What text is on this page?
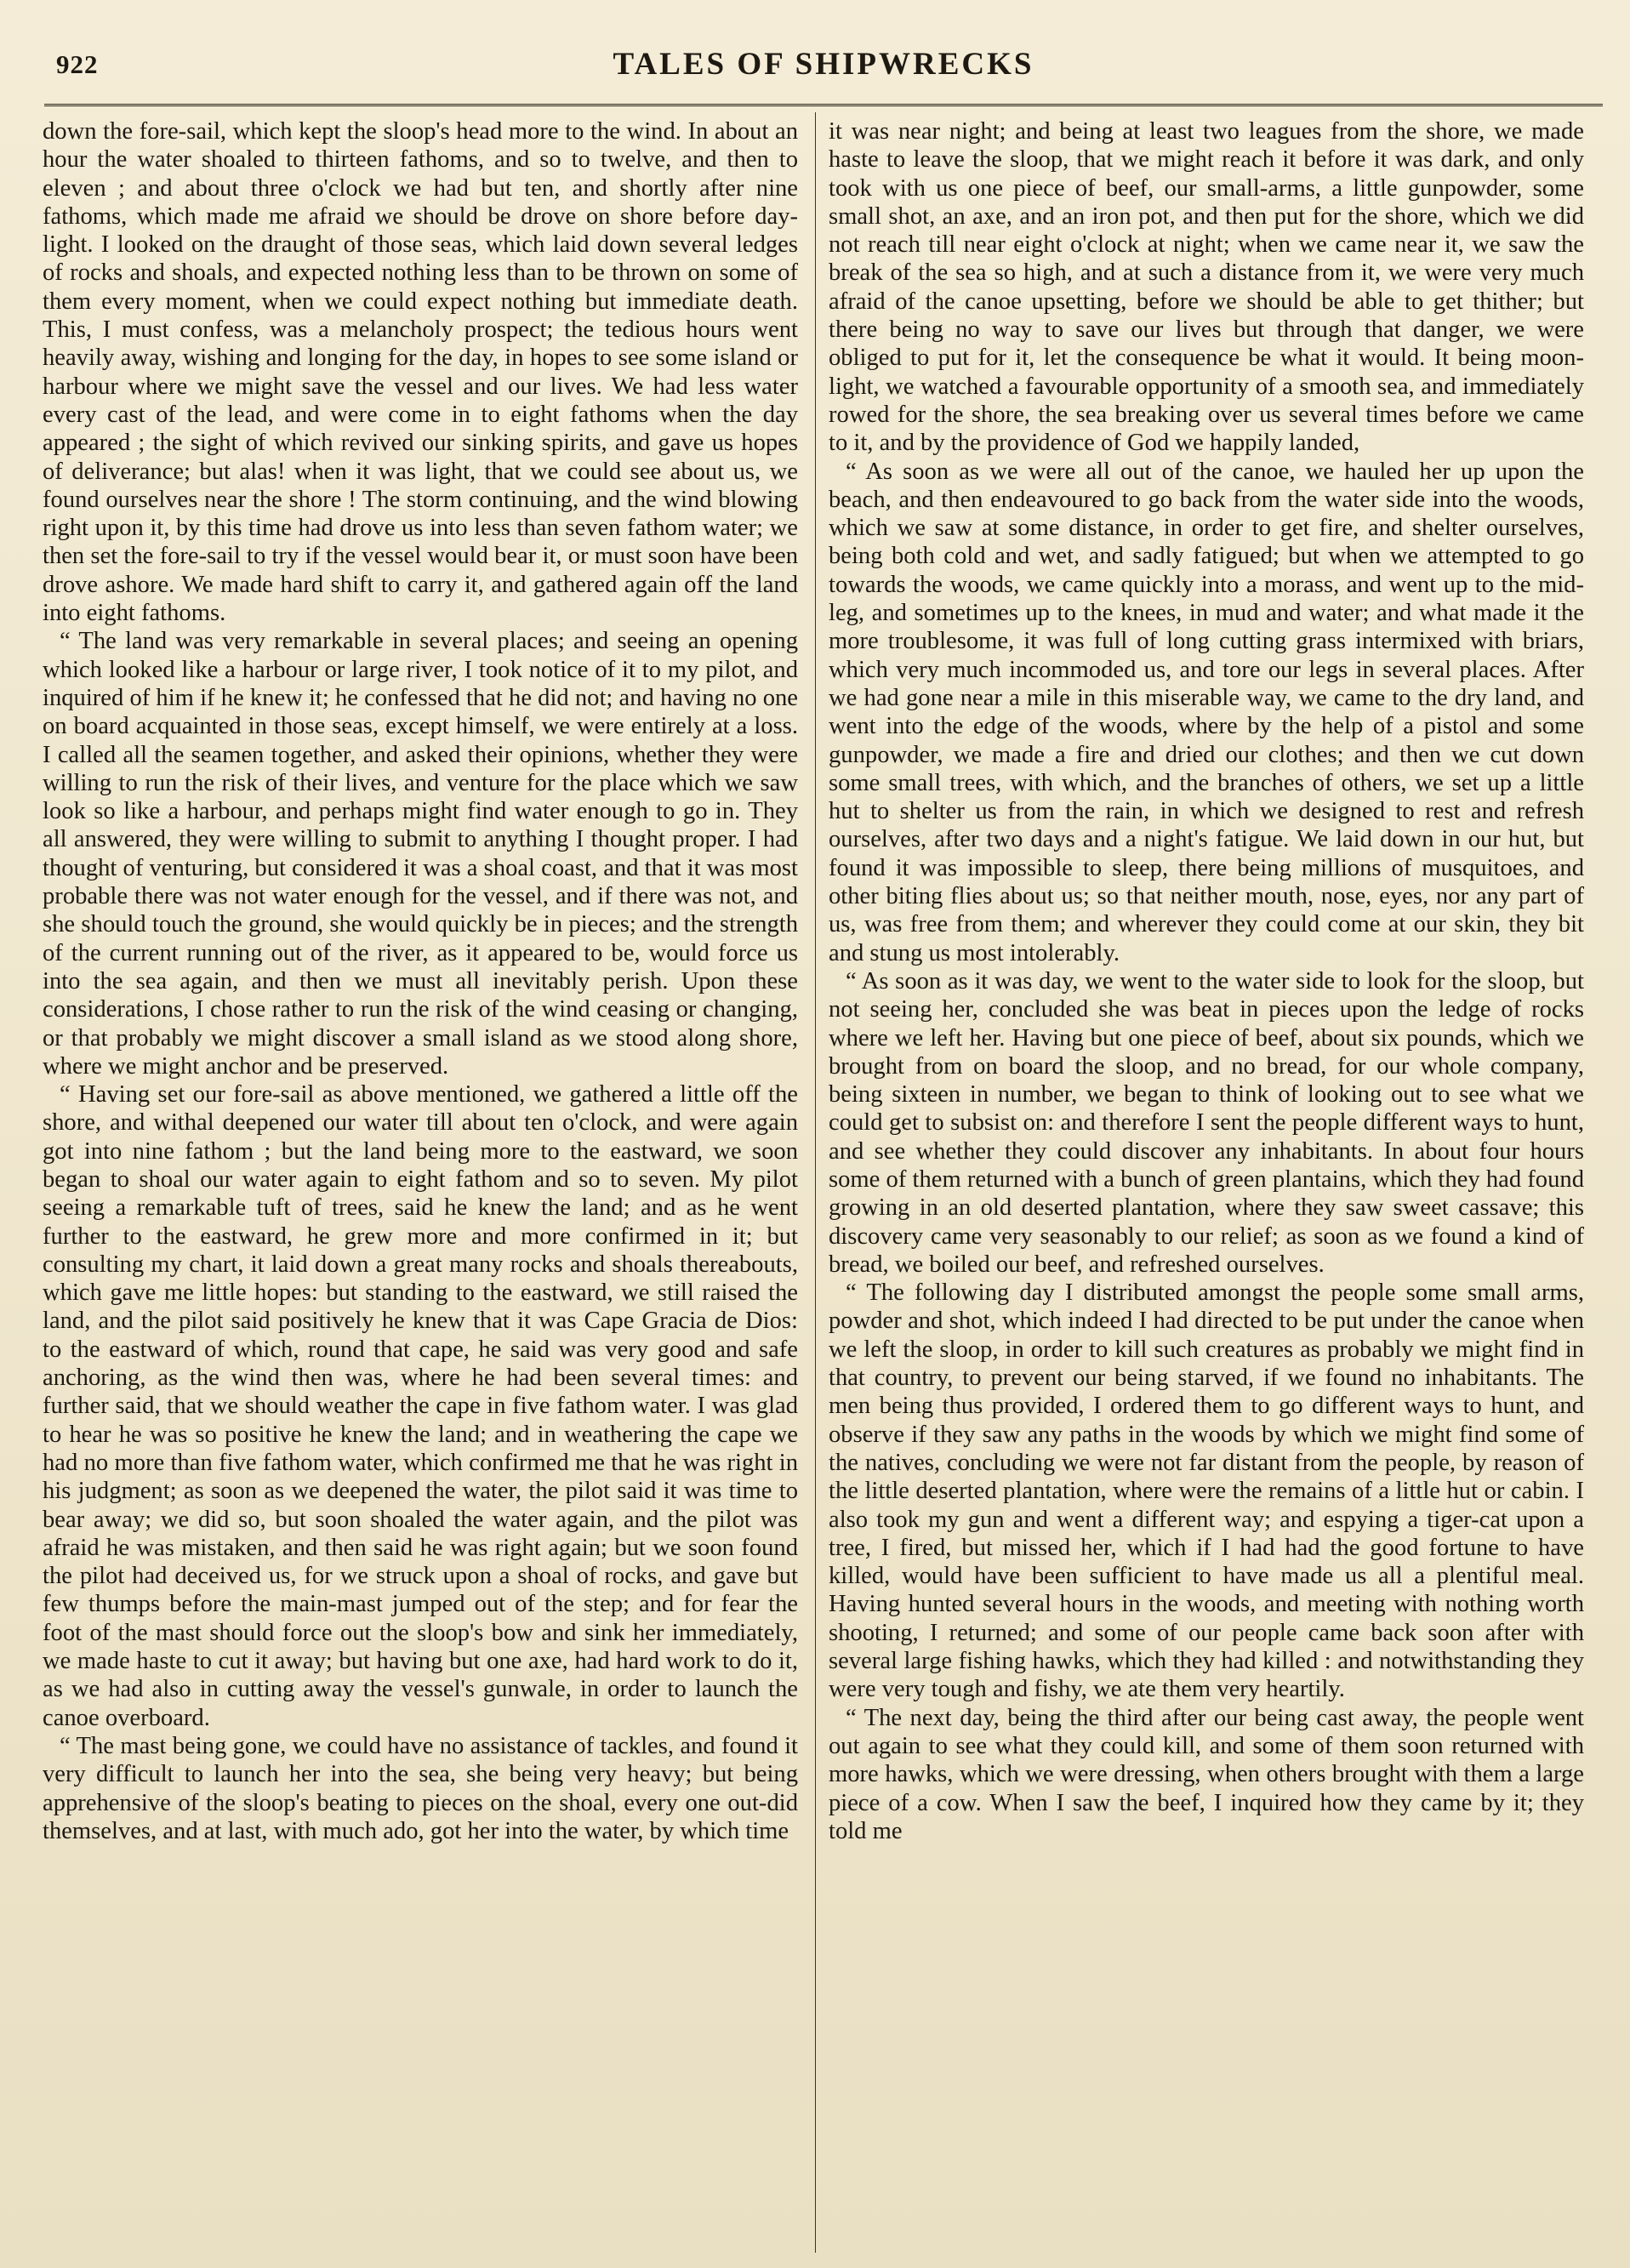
922	TALES OF SHIPWRECKS

down the fore-sail, which kept the sloop's head more to the wind. In about an hour the water shoaled to thirteen fathoms, and so to twelve, and then to eleven ; and about three o'clock we had but ten, and shortly after nine fathoms, which made me afraid we should be drove on shore before day-light. I looked on the draught of those seas, which laid down several ledges of rocks and shoals, and expected nothing less than to be thrown on some of them every moment, when we could expect nothing but immediate death. This, I must confess, was a melancholy prospect; the tedious hours went heavily away, wishing and longing for the day, in hopes to see some island or harbour where we might save the vessel and our lives. We had less water every cast of the lead, and were come in to eight fathoms when the day appeared ; the sight of which revived our sinking spirits, and gave us hopes of deliverance; but alas! when it was light, that we could see about us, we found ourselves near the shore ! The storm continuing, and the wind blowing right upon it, by this time had drove us into less than seven fathom water; we then set the fore-sail to try if the vessel would bear it, or must soon have been drove ashore. We made hard shift to carry it, and gathered again off the land into eight fathoms.

“ The land was very remarkable in several places; and seeing an opening which looked like a harbour or large river, I took notice of it to my pilot, and inquired of him if he knew it; he confessed that he did not; and having no one on board acquainted in those seas, except himself, we were entirely at a loss. I called all the seamen together, and asked their opinions, whether they were willing to run the risk of their lives, and venture for the place which we saw look so like a harbour, and perhaps might find water enough to go in. They all answered, they were willing to submit to anything I thought proper. I had thought of venturing, but considered it was a shoal coast, and that it was most probable there was not water enough for the vessel, and if there was not, and she should touch the ground, she would quickly be in pieces; and the strength of the current running out of the river, as it appeared to be, would force us into the sea again, and then we must all inevitably perish. Upon these considerations, I chose rather to run the risk of the wind ceasing or changing, or that probably we might discover a small island as we stood along shore, where we might anchor and be preserved.

“ Having set our fore-sail as above mentioned, we gathered a little off the shore, and withal deepened our water till about ten o'clock, and were again got into nine fathom ; but the land being more to the eastward, we soon began to shoal our water again to eight fathom and so to seven. My pilot seeing a remarkable tuft of trees, said he knew the land; and as he went further to the eastward, he grew more and more confirmed in it; but consulting my chart, it laid down a great many rocks and shoals thereabouts, which gave me little hopes: but standing to the eastward, we still raised the land, and the pilot said positively he knew that it was Cape Gracia de Dios: to the eastward of which, round that cape, he said was very good and safe anchoring, as the wind then was, where he had been several times: and further said, that we should weather the cape in five fathom water. I was glad to hear he was so positive he knew the land; and in weathering the cape we had no more than five fathom water, which confirmed me that he was right in his judgment; as soon as we deepened the water, the pilot said it was time to bear away; we did so, but soon shoaled the water again, and the pilot was afraid he was mistaken, and then said he was right again; but we soon found the pilot had deceived us, for we struck upon a shoal of rocks, and gave but few thumps before the main-mast jumped out of the step; and for fear the foot of the mast should force out the sloop's bow and sink her immediately, we made haste to cut it away; but having but one axe, had hard work to do it, as we had also in cutting away the vessel's gunwale, in order to launch the canoe overboard.

“ The mast being gone, we could have no assistance of tackles, and found it very difficult to launch her into the sea, she being very heavy; but being apprehensive of the sloop's beating to pieces on the shoal, every one out-did themselves, and at last, with much ado, got her into the water, by which time

it was near night; and being at least two leagues from the shore, we made haste to leave the sloop, that we might reach it before it was dark, and only took with us one piece of beef, our small-arms, a little gunpowder, some small shot, an axe, and an iron pot, and then put for the shore, which we did not reach till near eight o'clock at night; when we came near it, we saw the break of the sea so high, and at such a distance from it, we were very much afraid of the canoe upsetting, before we should be able to get thither; but there being no way to save our lives but through that danger, we were obliged to put for it, let the consequence be what it would. It being moon-light, we watched a favourable opportunity of a smooth sea, and immediately rowed for the shore, the sea breaking over us several times before we came to it, and by the providence of God we happily landed,

“ As soon as we were all out of the canoe, we hauled her up upon the beach, and then endeavoured to go back from the water side into the woods, which we saw at some distance, in order to get fire, and shelter ourselves, being both cold and wet, and sadly fatigued; but when we attempted to go towards the woods, we came quickly into a morass, and went up to the mid-leg, and sometimes up to the knees, in mud and water; and what made it the more troublesome, it was full of long cutting grass intermixed with briars, which very much incommoded us, and tore our legs in several places. After we had gone near a mile in this miserable way, we came to the dry land, and went into the edge of the woods, where by the help of a pistol and some gunpowder, we made a fire and dried our clothes; and then we cut down some small trees, with which, and the branches of others, we set up a little hut to shelter us from the rain, in which we designed to rest and refresh ourselves, after two days and a night's fatigue. We laid down in our hut, but found it was impossible to sleep, there being millions of musquitoes, and other biting flies about us; so that neither mouth, nose, eyes, nor any part of us, was free from them; and wherever they could come at our skin, they bit and stung us most intolerably.

“ As soon as it was day, we went to the water side to look for the sloop, but not seeing her, concluded she was beat in pieces upon the ledge of rocks where we left her. Having but one piece of beef, about six pounds, which we brought from on board the sloop, and no bread, for our whole company, being sixteen in number, we began to think of looking out to see what we could get to subsist on: and therefore I sent the people different ways to hunt, and see whether they could discover any inhabitants. In about four hours some of them returned with a bunch of green plantains, which they had found growing in an old deserted plantation, where they saw sweet cassave; this discovery came very seasonably to our relief; as soon as we found a kind of bread, we boiled our beef, and refreshed ourselves.

“ The following day I distributed amongst the people some small arms, powder and shot, which indeed I had directed to be put under the canoe when we left the sloop, in order to kill such creatures as probably we might find in that country, to prevent our being starved, if we found no inhabitants. The men being thus provided, I ordered them to go different ways to hunt, and observe if they saw any paths in the woods by which we might find some of the natives, concluding we were not far distant from the people, by reason of the little deserted plantation, where were the remains of a little hut or cabin. I also took my gun and went a different way; and espying a tiger-cat upon a tree, I fired, but missed her, which if I had had the good fortune to have killed, would have been sufficient to have made us all a plentiful meal. Having hunted several hours in the woods, and meeting with nothing worth shooting, I returned; and some of our people came back soon after with several large fishing hawks, which they had killed : and notwithstanding they were very tough and fishy, we ate them very heartily.

“ The next day, being the third after our being cast away, the people went out again to see what they could kill, and some of them soon returned with more hawks, which we were dressing, when others brought with them a large piece of a cow. When I saw the beef, I inquired how they came by it; they told me
